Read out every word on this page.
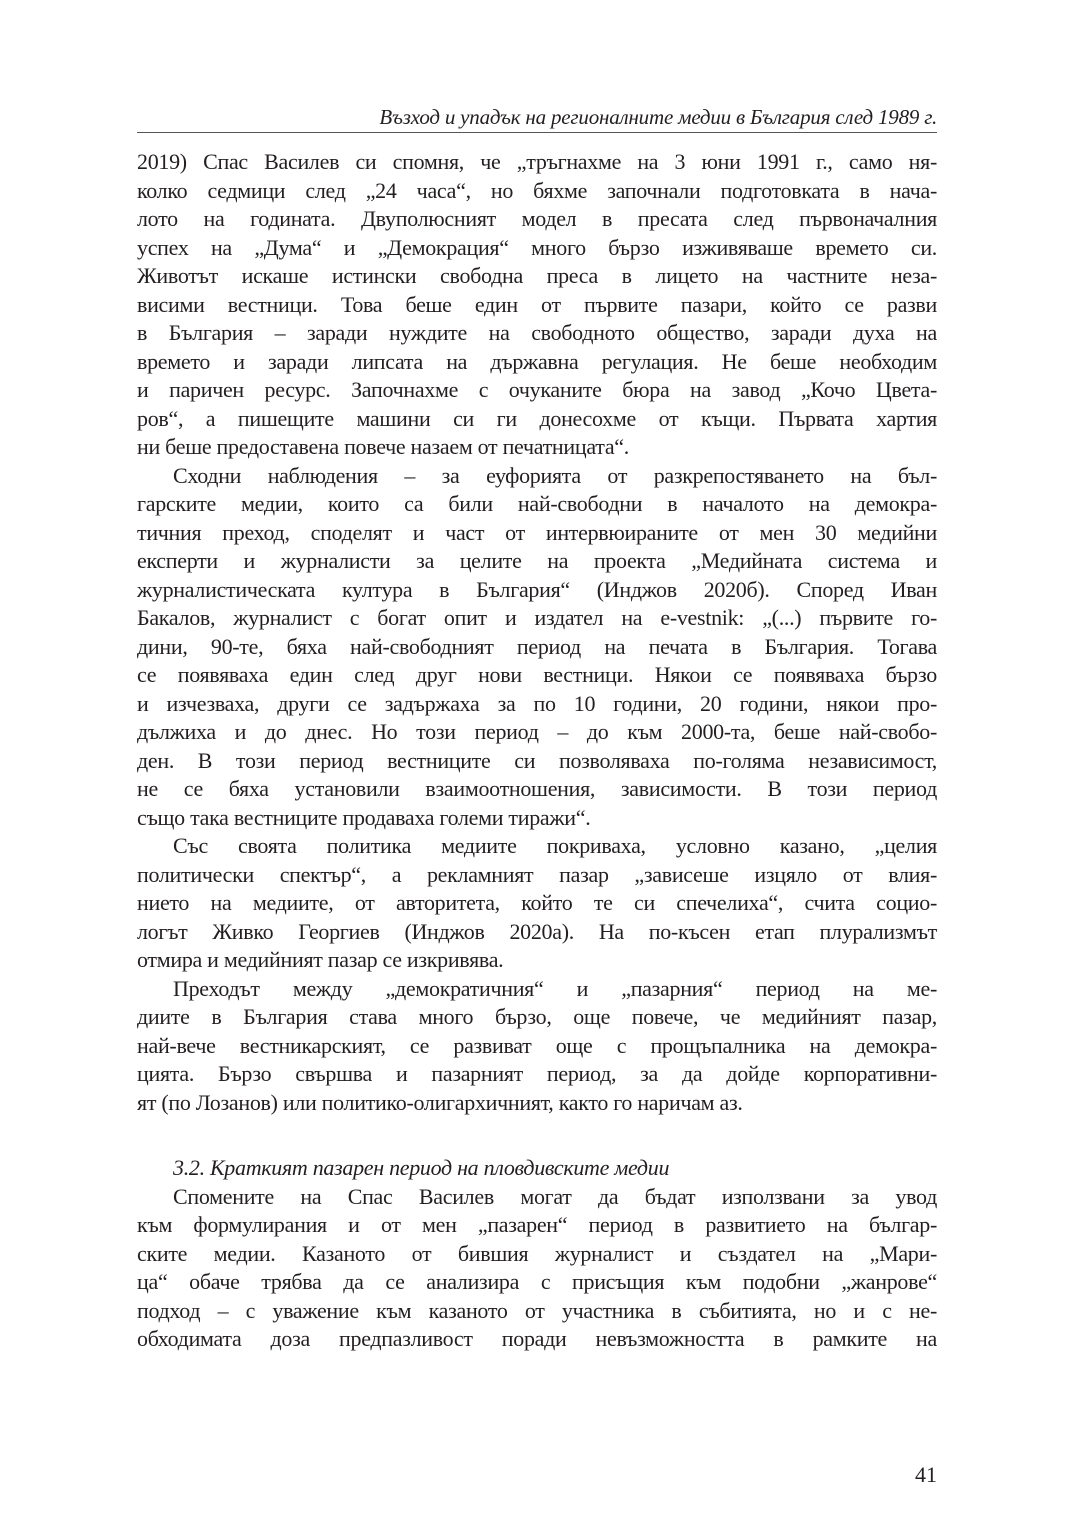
Възход и упадък на регионалните медии в България след 1989 г.
2019) Спас Василев си спомня, че „тръгнахме на 3 юни 1991 г., само ня-
колко седмици след „24 часа“, но бяхме започнали подготовката в нача-
лото на годината. Двуполюсният модел в пресата след първоначалния
успех на „Дума“ и „Демокрация“ много бързо изживяваше времето си.
Животът искаше истински свободна преса в лицето на частните неза-
висими вестници. Това беше един от първите пазари, който се разви
в България – заради нуждите на свободното общество, заради духа на
времето и заради липсата на държавна регулация. Не беше необходим
и паричен ресурс. Започнахме с очуканите бюра на завод „Кочо Цвета-
ров“, а пишещите машини си ги донесохме от къщи. Първата хартия
ни беше предоставена повече назаем от печатницата“.
Сходни наблюдения – за еуфорията от разкрепостяването на бъл-
гарските медии, които са били най-свободни в началото на демокра-
тичния преход, споделят и част от интервюираните от мен 30 медийни
експерти и журналисти за целите на проекта „Медийната система и
журналистическата култура в България“ (Инджов 2020б). Според Иван
Бакалов, журналист с богат опит и издател на e-vestnik: „(...) първите го-
дини, 90-те, бяха най-свободният период на печата в България. Тогава
се появяваха един след друг нови вестници. Някои се появяваха бързо
и изчезваха, други се задържаха за по 10 години, 20 години, някои про-
дължиха и до днес. Но този период – до към 2000-та, беше най-свобо-
ден. В този период вестниците си позволяваха по-голяма независимост,
не се бяха установили взаимоотношения, зависимости. В този период
също така вестниците продаваха големи тиражи“.
Със своята политика медиите покриваха, условно казано, „целия
политически спектър“, а рекламният пазар „зависеше изцяло от влия-
нието на медиите, от авторитета, който те си спечелиха“, счита социо-
логът Живко Георгиев (Инджов 2020а). На по-късен етап плурализмът
отмира и медийният пазар се изкривява.
Преходът между „демократичния“ и „пазарния“ период на ме-
диите в България става много бързо, още повече, че медийният пазар,
най-вече вестникарският, се развиват още с прощъпалника на демокра-
цията. Бързо свършва и пазарният период, за да дойде корпоративни-
ят (по Лозанов) или политико-олигархичният, както го наричам аз.
3.2. Краткият пазарен период на пловдивските медии
Спомените на Спас Василев могат да бъдат използвани за увод
към формулирания и от мен „пазарен“ период в развитието на българ-
ските медии. Казаното от бившия журналист и създател на „Мари-
ца“ обаче трябва да се анализира с присъщия към подобни „жанрове“
подход – с уважение към казаното от участника в събитията, но и с не-
обходимата доза предпазливост поради невъзможността в рамките на
41
